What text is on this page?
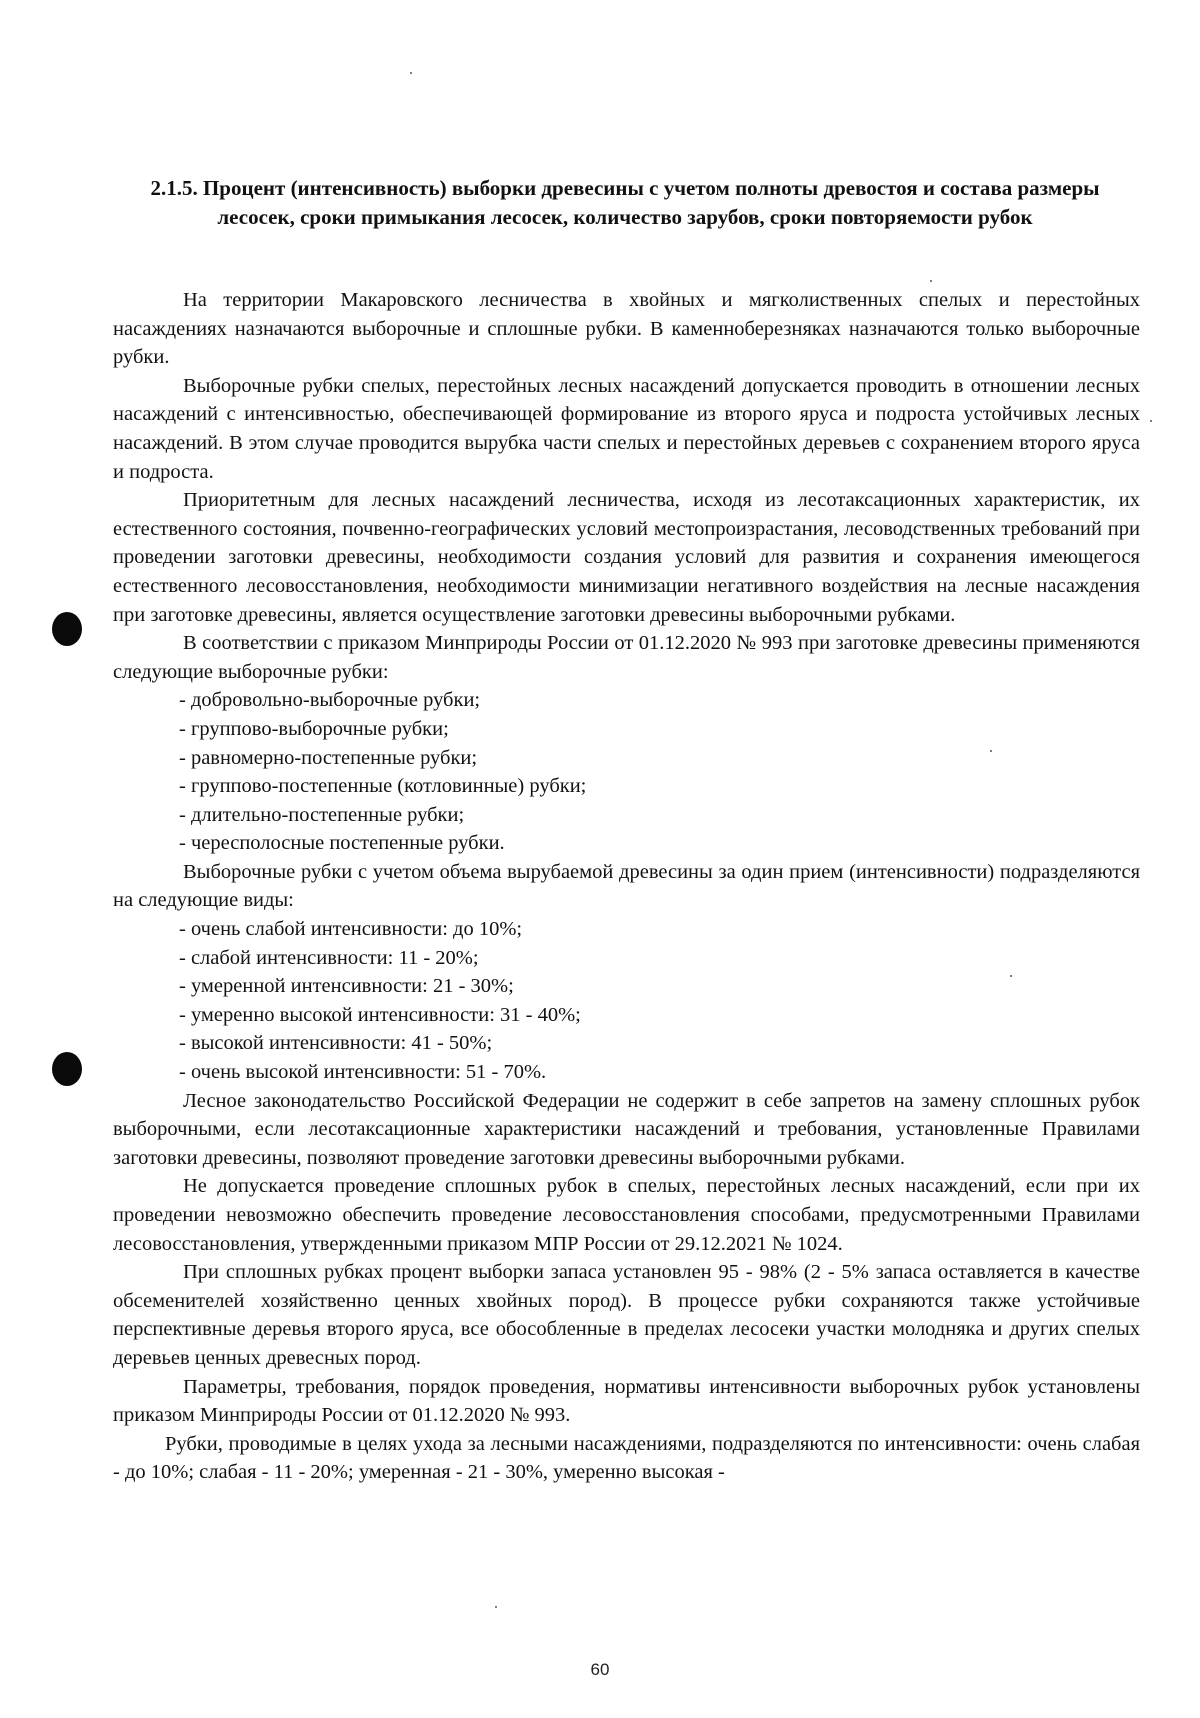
2.1.5. Процент (интенсивность) выборки древесины с учетом полноты древостоя и состава размеры лесосек, сроки примыкания лесосек, количество зарубов, сроки повторяемости рубок

На территории Макаровского лесничества в хвойных и мягколиственных спелых и перестойных насаждениях назначаются выборочные и сплошные рубки. В каменноберезняках назначаются только выборочные рубки.

Выборочные рубки спелых, перестойных лесных насаждений допускается проводить в отношении лесных насаждений с интенсивностью, обеспечивающей формирование из второго яруса и подроста устойчивых лесных насаждений. В этом случае проводится вырубка части спелых и перестойных деревьев с сохранением второго яруса и подроста.

Приоритетным для лесных насаждений лесничества, исходя из лесотаксационных характеристик, их естественного состояния, почвенно-географических условий местопроизрастания, лесоводственных требований при проведении заготовки древесины, необходимости создания условий для развития и сохранения имеющегося естественного лесовосстановления, необходимости минимизации негативного воздействия на лесные насаждения при заготовке древесины, является осуществление заготовки древесины выборочными рубками.

В соответствии с приказом Минприроды России от 01.12.2020 № 993 при заготовке древесины применяются следующие выборочные рубки:

- добровольно-выборочные рубки;
- группово-выборочные рубки;
- равномерно-постепенные рубки;
- группово-постепенные (котловинные) рубки;
- длительно-постепенные рубки;
- чересполосные постепенные рубки.

Выборочные рубки с учетом объема вырубаемой древесины за один прием (интенсивности) подразделяются на следующие виды:

- очень слабой интенсивности: до 10%;
- слабой интенсивности: 11 - 20%;
- умеренной интенсивности: 21 - 30%;
- умеренно высокой интенсивности: 31 - 40%;
- высокой интенсивности: 41 - 50%;
- очень высокой интенсивности: 51 - 70%.

Лесное законодательство Российской Федерации не содержит в себе запретов на замену сплошных рубок выборочными, если лесотаксационные характеристики насаждений и требования, установленные Правилами заготовки древесины, позволяют проведение заготовки древесины выборочными рубками.

Не допускается проведение сплошных рубок в спелых, перестойных лесных насаждений, если при их проведении невозможно обеспечить проведение лесовосстановления способами, предусмотренными Правилами лесовосстановления, утвержденными приказом МПР России от 29.12.2021 № 1024.

При сплошных рубках процент выборки запаса установлен 95 - 98% (2 - 5% запаса оставляется в качестве обсеменителей хозяйственно ценных хвойных пород). В процессе рубки сохраняются также устойчивые перспективные деревья второго яруса, все обособленные в пределах лесосеки участки молодняка и других спелых деревьев ценных древесных пород.

Параметры, требования, порядок проведения, нормативы интенсивности выборочных рубок установлены приказом Минприроды России от 01.12.2020 № 993.

Рубки, проводимые в целях ухода за лесными насаждениями, подразделяются по интенсивности: очень слабая - до 10%; слабая - 11 - 20%; умеренная - 21 - 30%, умеренно высокая -

60
